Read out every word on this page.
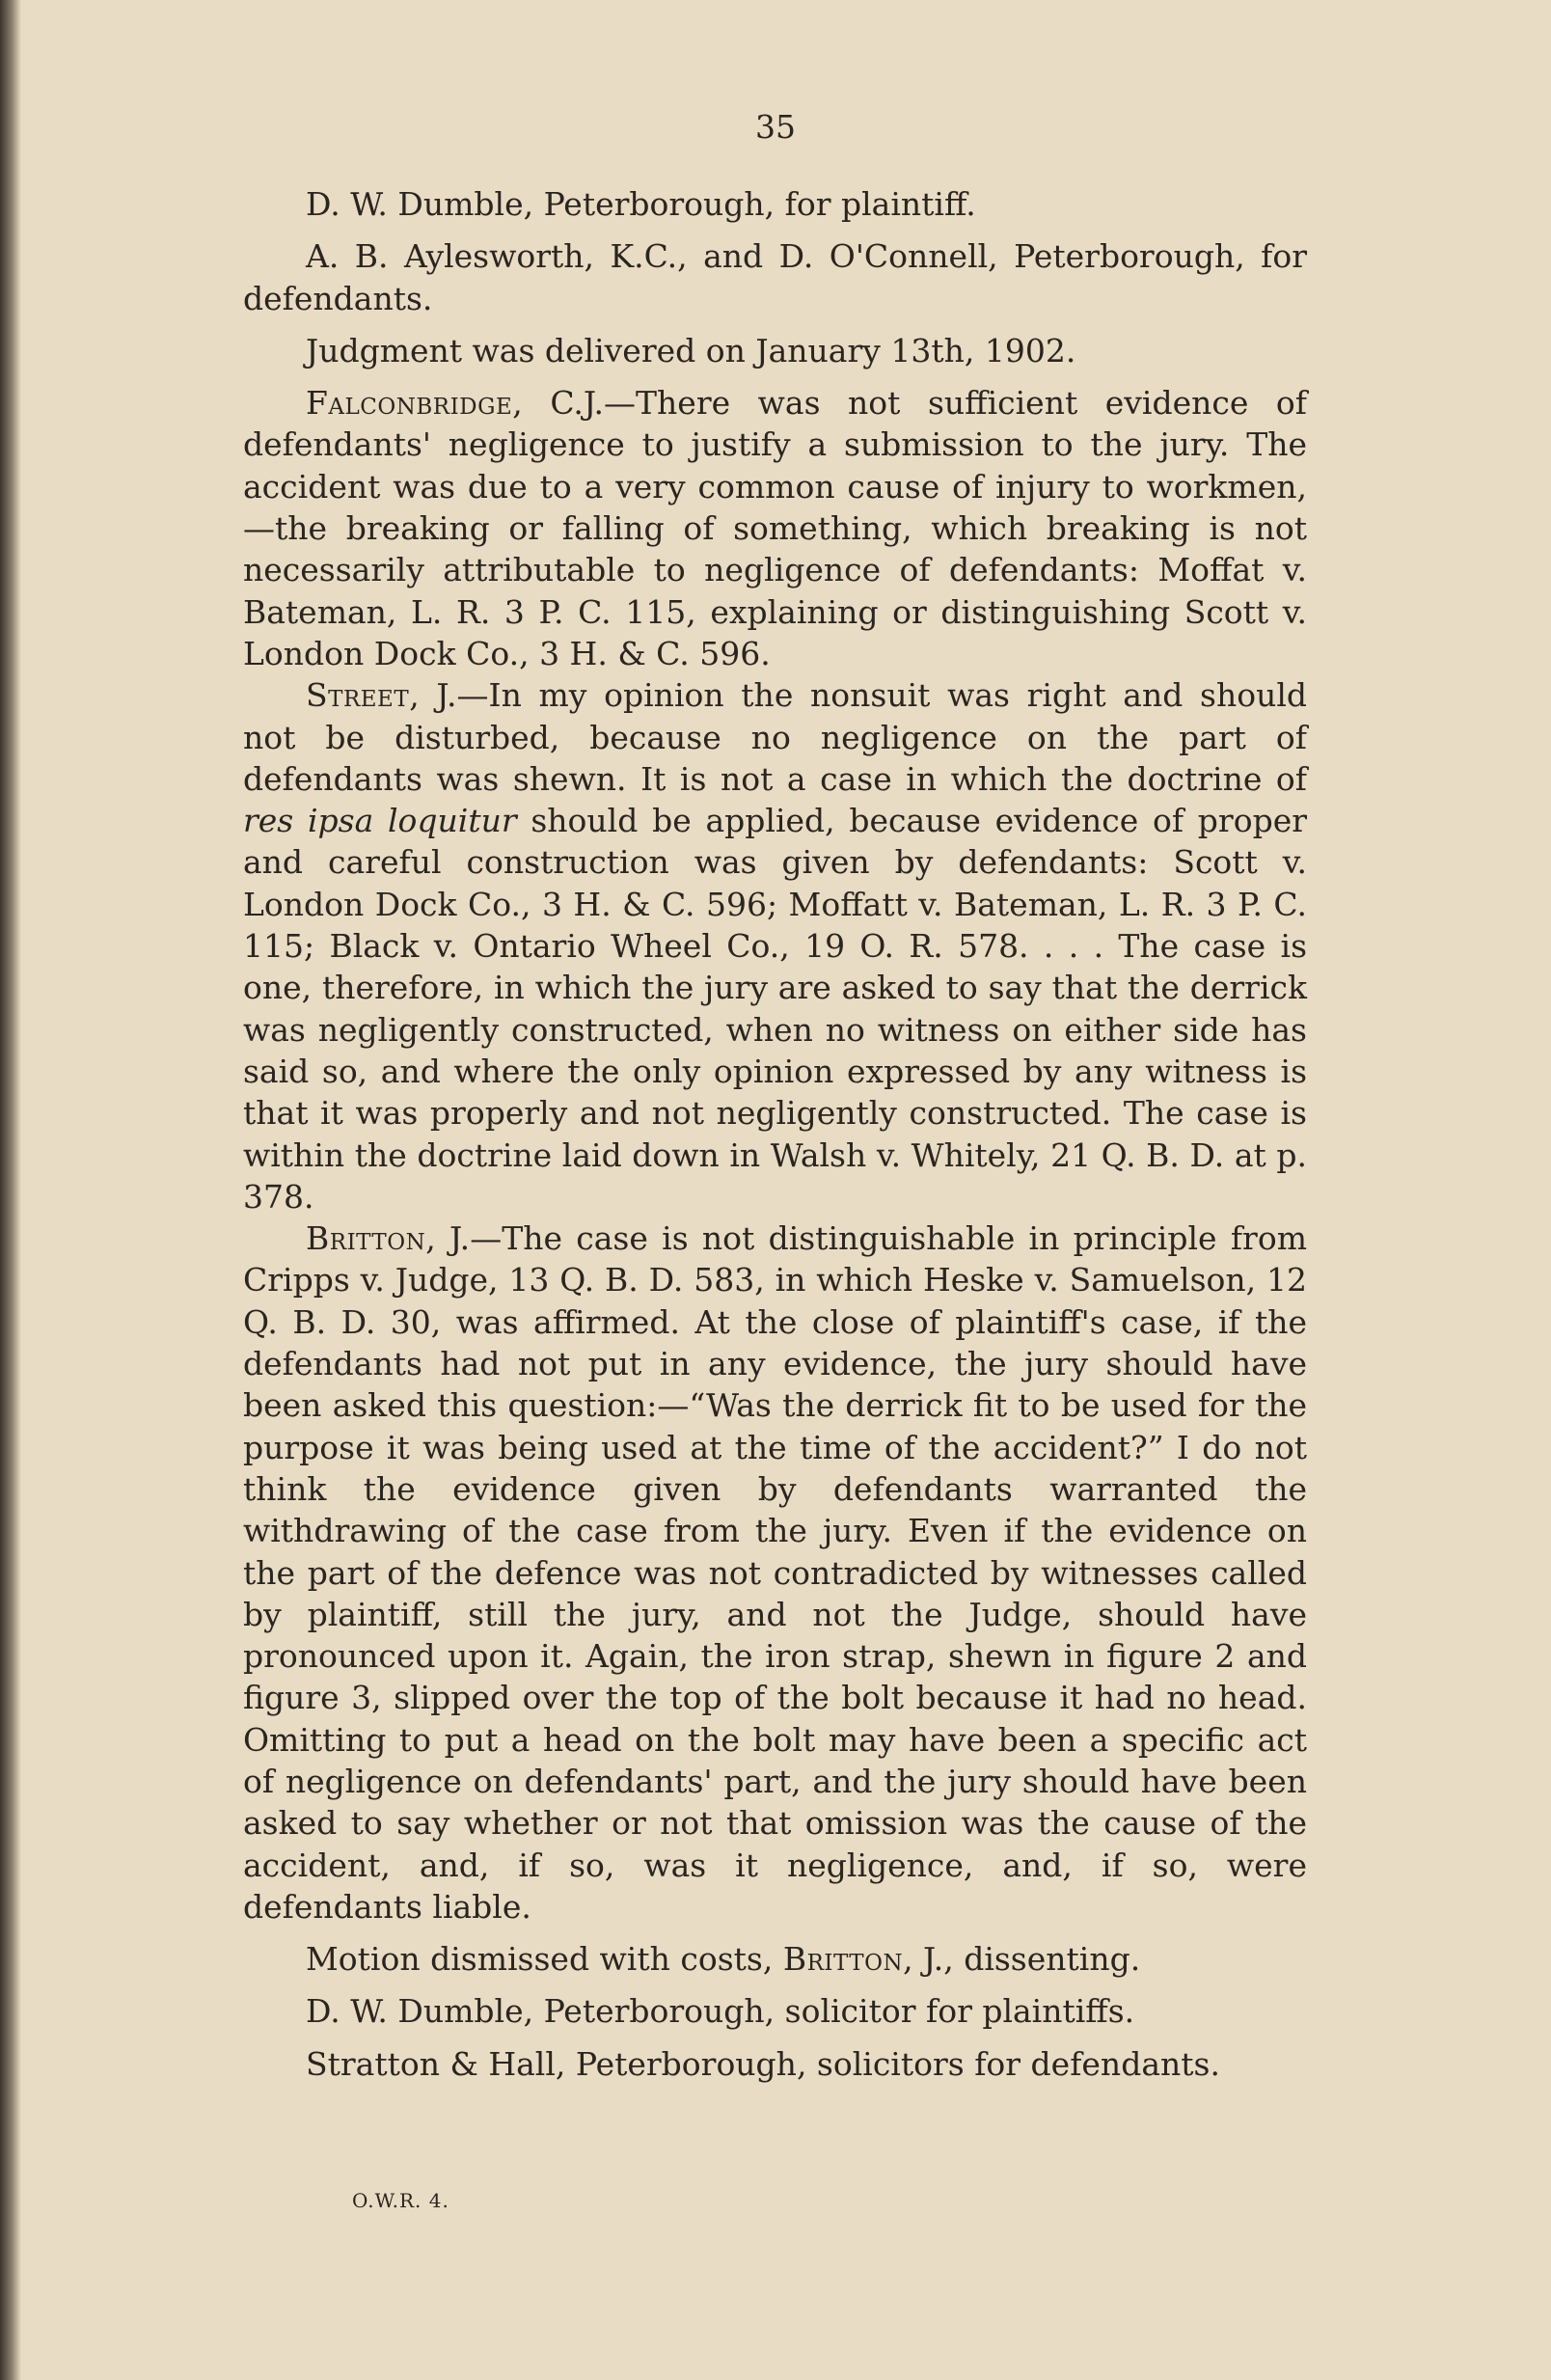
35

D. W. Dumble, Peterborough, for plaintiff.

A. B. Aylesworth, K.C., and D. O'Connell, Peterborough, for defendants.

Judgment was delivered on January 13th, 1902.

Falconbridge, C.J.—There was not sufficient evidence of defendants' negligence to justify a submission to the jury. The accident was due to a very common cause of injury to workmen,—the breaking or falling of something, which breaking is not necessarily attributable to negligence of defendants: Moffat v. Bateman, L. R. 3 P. C. 115, explaining or distinguishing Scott v. London Dock Co., 3 H. & C. 596.

Street, J.—In my opinion the nonsuit was right and should not be disturbed, because no negligence on the part of defendants was shewn. It is not a case in which the doctrine of res ipsa loquitur should be applied, because evidence of proper and careful construction was given by defendants: Scott v. London Dock Co., 3 H. & C. 596; Moffatt v. Bateman, L. R. 3 P. C. 115; Black v. Ontario Wheel Co., 19 O. R. 578. . . . The case is one, therefore, in which the jury are asked to say that the derrick was negligently constructed, when no witness on either side has said so, and where the only opinion expressed by any witness is that it was properly and not negligently constructed. The case is within the doctrine laid down in Walsh v. Whitely, 21 Q. B. D. at p. 378.

Britton, J.—The case is not distinguishable in principle from Cripps v. Judge, 13 Q. B. D. 583, in which Heske v. Samuelson, 12 Q. B. D. 30, was affirmed. At the close of plaintiff's case, if the defendants had not put in any evidence, the jury should have been asked this question:—“Was the derrick fit to be used for the purpose it was being used at the time of the accident?” I do not think the evidence given by defendants warranted the withdrawing of the case from the jury. Even if the evidence on the part of the defence was not contradicted by witnesses called by plaintiff, still the jury, and not the Judge, should have pronounced upon it. Again, the iron strap, shewn in figure 2 and figure 3, slipped over the top of the bolt because it had no head. Omitting to put a head on the bolt may have been a specific act of negligence on defendants' part, and the jury should have been asked to say whether or not that omission was the cause of the accident, and, if so, was it negligence, and, if so, were defendants liable.

Motion dismissed with costs, Britton, J., dissenting.

D. W. Dumble, Peterborough, solicitor for plaintiffs.

Stratton & Hall, Peterborough, solicitors for defendants.

O.W.R. 4.
